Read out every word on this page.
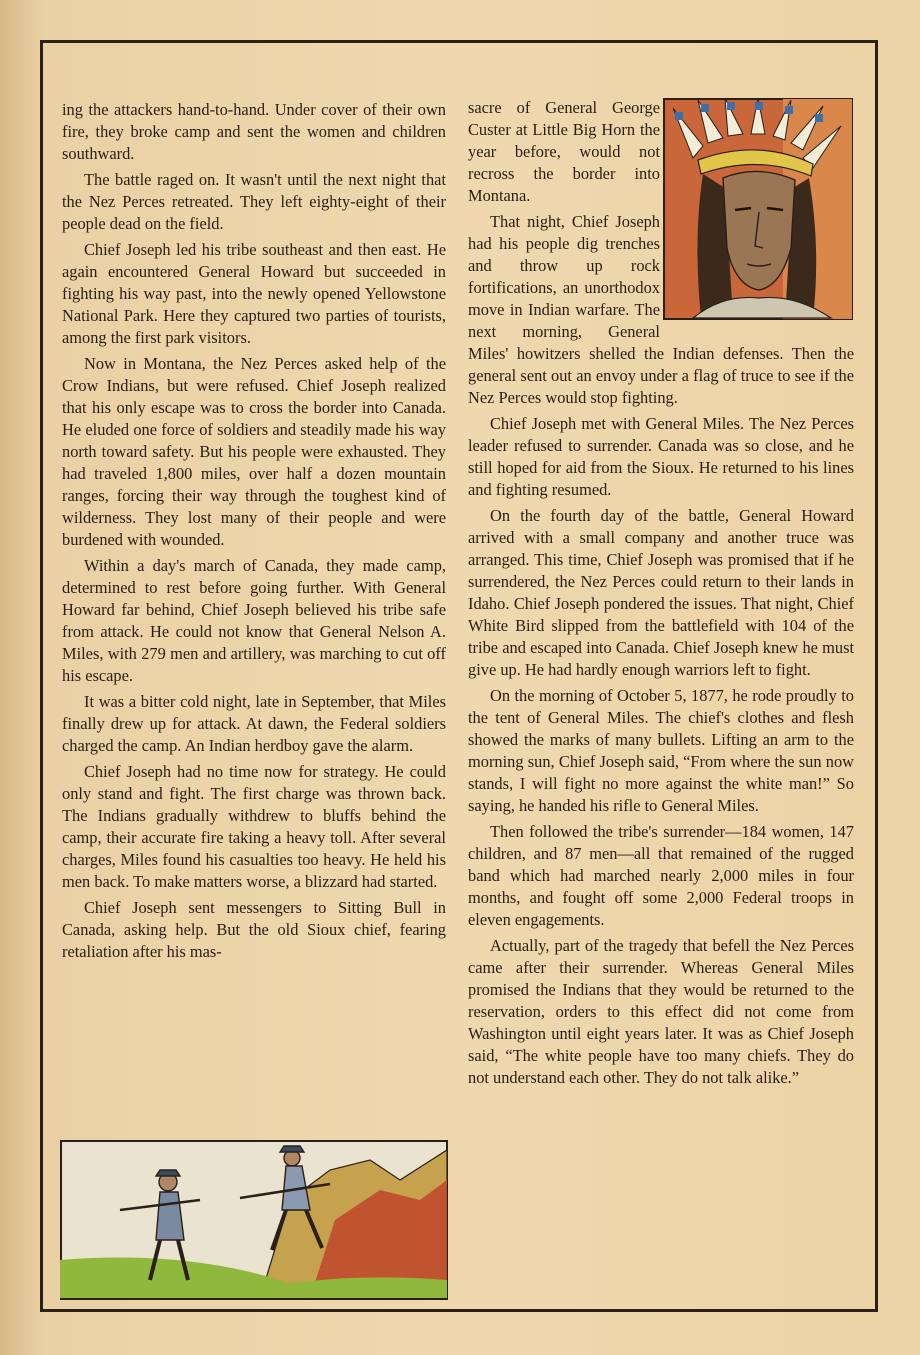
ing the attackers hand-to-hand. Under cover of their own fire, they broke camp and sent the women and children southward.

The battle raged on. It wasn't until the next night that the Nez Perces retreated. They left eighty-eight of their people dead on the field.

Chief Joseph led his tribe southeast and then east. He again encountered General Howard but succeeded in fighting his way past, into the newly opened Yellowstone National Park. Here they captured two parties of tourists, among the first park visitors.

Now in Montana, the Nez Perces asked help of the Crow Indians, but were refused. Chief Joseph realized that his only escape was to cross the border into Canada. He eluded one force of soldiers and steadily made his way north toward safety. But his people were exhausted. They had traveled 1,800 miles, over half a dozen mountain ranges, forcing their way through the toughest kind of wilderness. They lost many of their people and were burdened with wounded.

Within a day's march of Canada, they made camp, determined to rest before going further. With General Howard far behind, Chief Joseph believed his tribe safe from attack. He could not know that General Nelson A. Miles, with 279 men and artillery, was marching to cut off his escape.

It was a bitter cold night, late in September, that Miles finally drew up for attack. At dawn, the Federal soldiers charged the camp. An Indian herdboy gave the alarm.

Chief Joseph had no time now for strategy. He could only stand and fight. The first charge was thrown back. The Indians gradually withdrew to bluffs behind the camp, their accurate fire taking a heavy toll. After several charges, Miles found his casualties too heavy. He held his men back. To make matters worse, a blizzard had started.

Chief Joseph sent messengers to Sitting Bull in Canada, asking help. But the old Sioux chief, fearing retaliation after his mas-

sacre of General George Custer at Little Big Horn the year before, would not recross the border into Montana.

That night, Chief Joseph had his people dig trenches and throw up rock fortifications, an unorthodox move in Indian warfare. The next morning, General Miles' howitzers shelled the Indian defenses. Then the general sent out an envoy under a flag of truce to see if the Nez Perces would stop fighting.

Chief Joseph met with General Miles. The Nez Perces leader refused to surrender. Canada was so close, and he still hoped for aid from the Sioux. He returned to his lines and fighting resumed.

On the fourth day of the battle, General Howard arrived with a small company and another truce was arranged. This time, Chief Joseph was promised that if he surrendered, the Nez Perces could return to their lands in Idaho. Chief Joseph pondered the issues. That night, Chief White Bird slipped from the battlefield with 104 of the tribe and escaped into Canada. Chief Joseph knew he must give up. He had hardly enough warriors left to fight.

On the morning of October 5, 1877, he rode proudly to the tent of General Miles. The chief's clothes and flesh showed the marks of many bullets. Lifting an arm to the morning sun, Chief Joseph said, “From where the sun now stands, I will fight no more against the white man!” So saying, he handed his rifle to General Miles.

Then followed the tribe's surrender—184 women, 147 children, and 87 men—all that remained of the rugged band which had marched nearly 2,000 miles in four months, and fought off some 2,000 Federal troops in eleven engagements.

Actually, part of the tragedy that befell the Nez Perces came after their surrender. Whereas General Miles promised the Indians that they would be returned to the reservation, orders to this effect did not come from Washington until eight years later. It was as Chief Joseph said, “The white people have too many chiefs. They do not understand each other. They do not talk alike.”
